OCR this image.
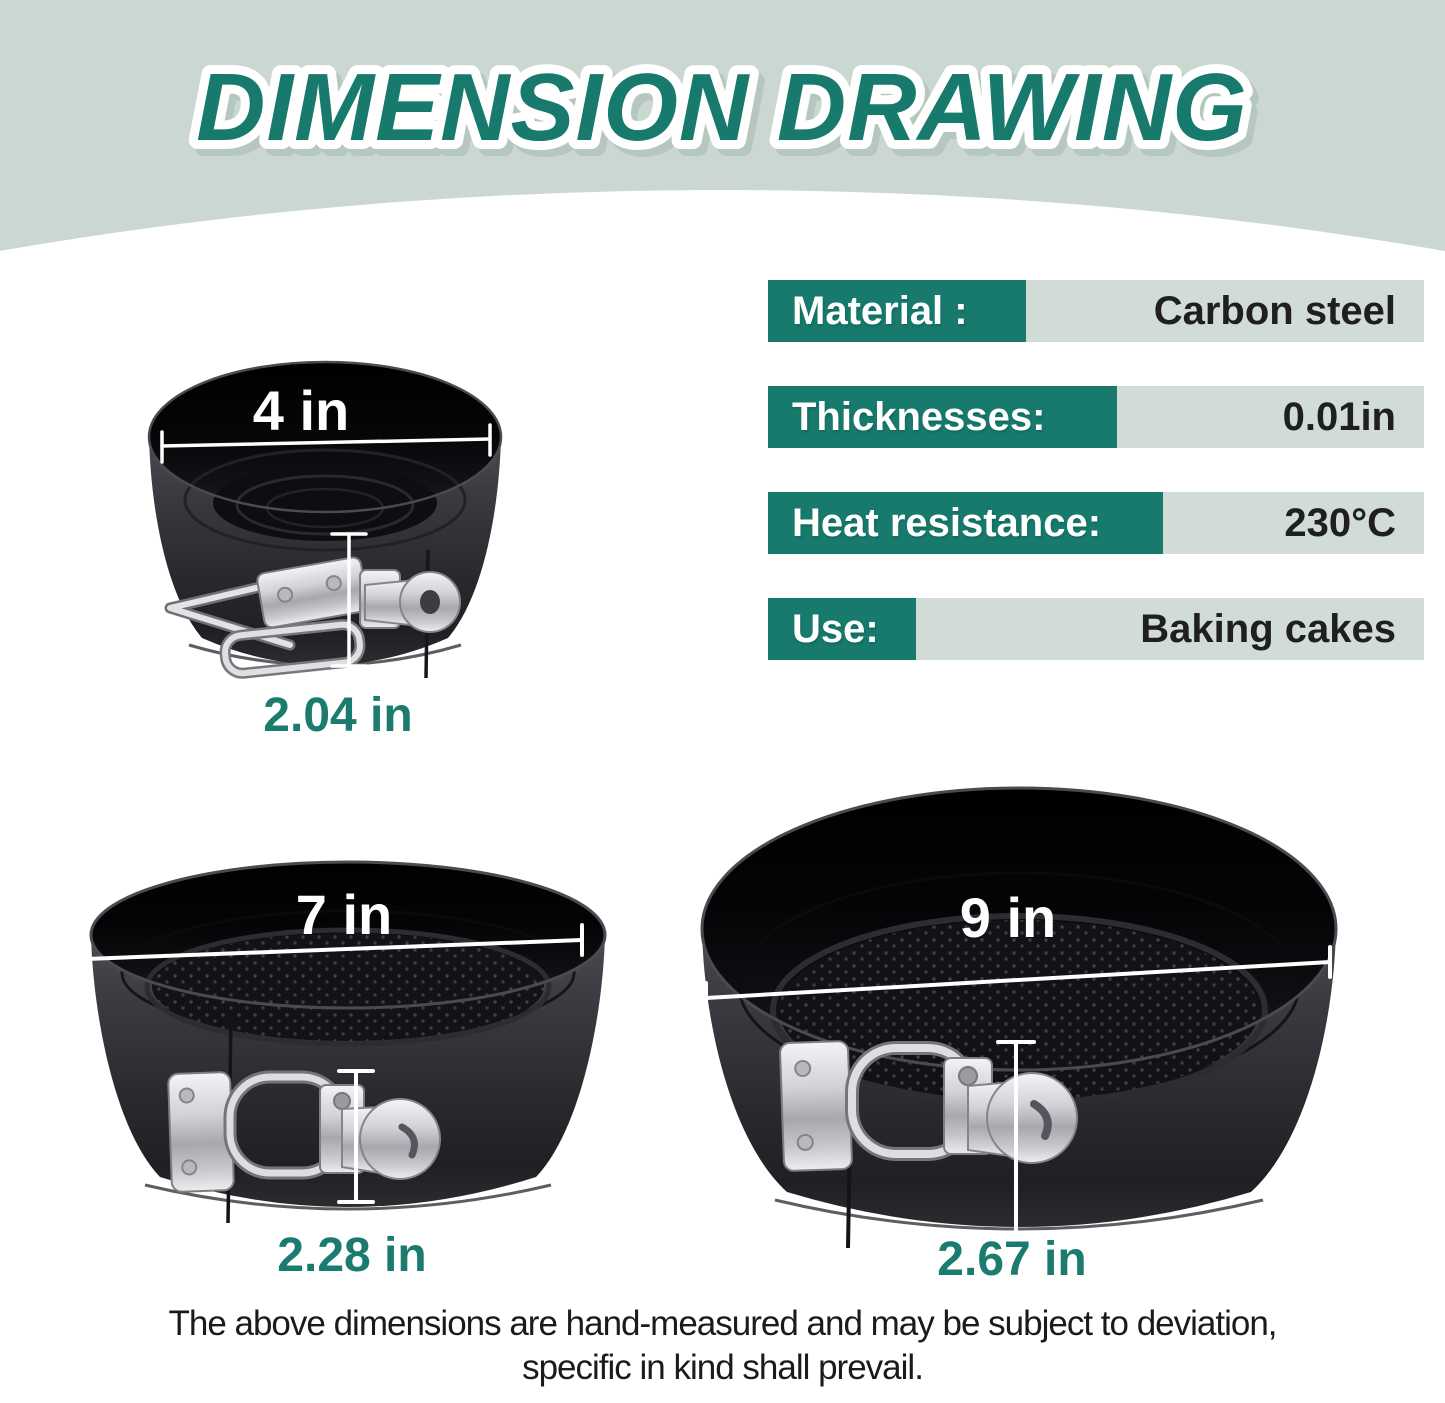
DIMENSION DRAWING
4 in
2.04 in
7 in
2.28 in
9 in
2.67 in
Material :	Carbon steel
Thicknesses:	0.01in
Heat resistance:	230°C
Use:	Baking cakes
The above dimensions are hand-measured and may be subject to deviation,
specific in kind shall prevail.
